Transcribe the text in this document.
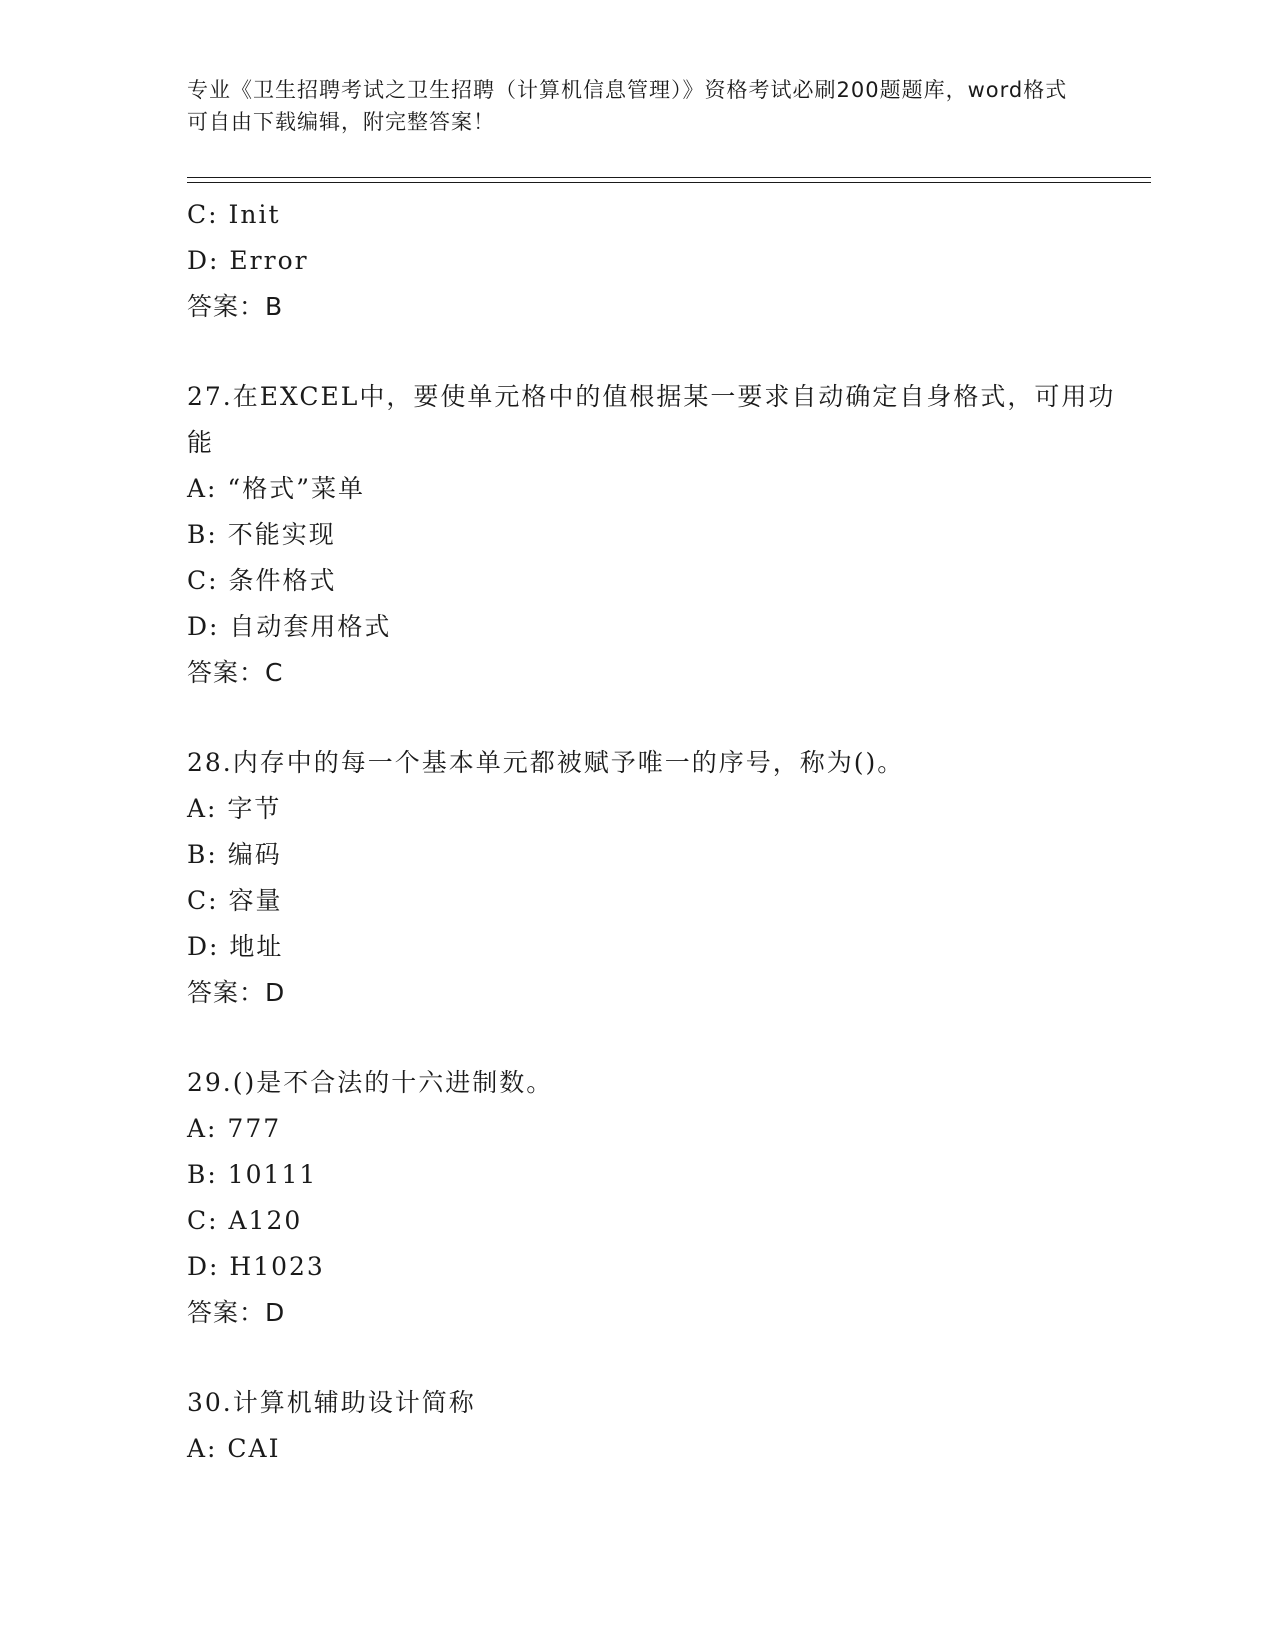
专业《卫生招聘考试之卫生招聘（计算机信息管理）》资格考试必刷200题题库，word格式可自由下载编辑，附完整答案！
C: Init
D: Error
答案：B
27.在EXCEL中，要使单元格中的值根据某一要求自动确定自身格式，可用功能
A: “格式”菜单
B: 不能实现
C: 条件格式
D: 自动套用格式
答案：C
28.内存中的每一个基本单元都被赋予唯一的序号，称为()。
A: 字节
B: 编码
C: 容量
D: 地址
答案：D
29.()是不合法的十六进制数。
A: 777
B: 10111
C: A120
D: H1023
答案：D
30.计算机辅助设计简称
A: CAI
